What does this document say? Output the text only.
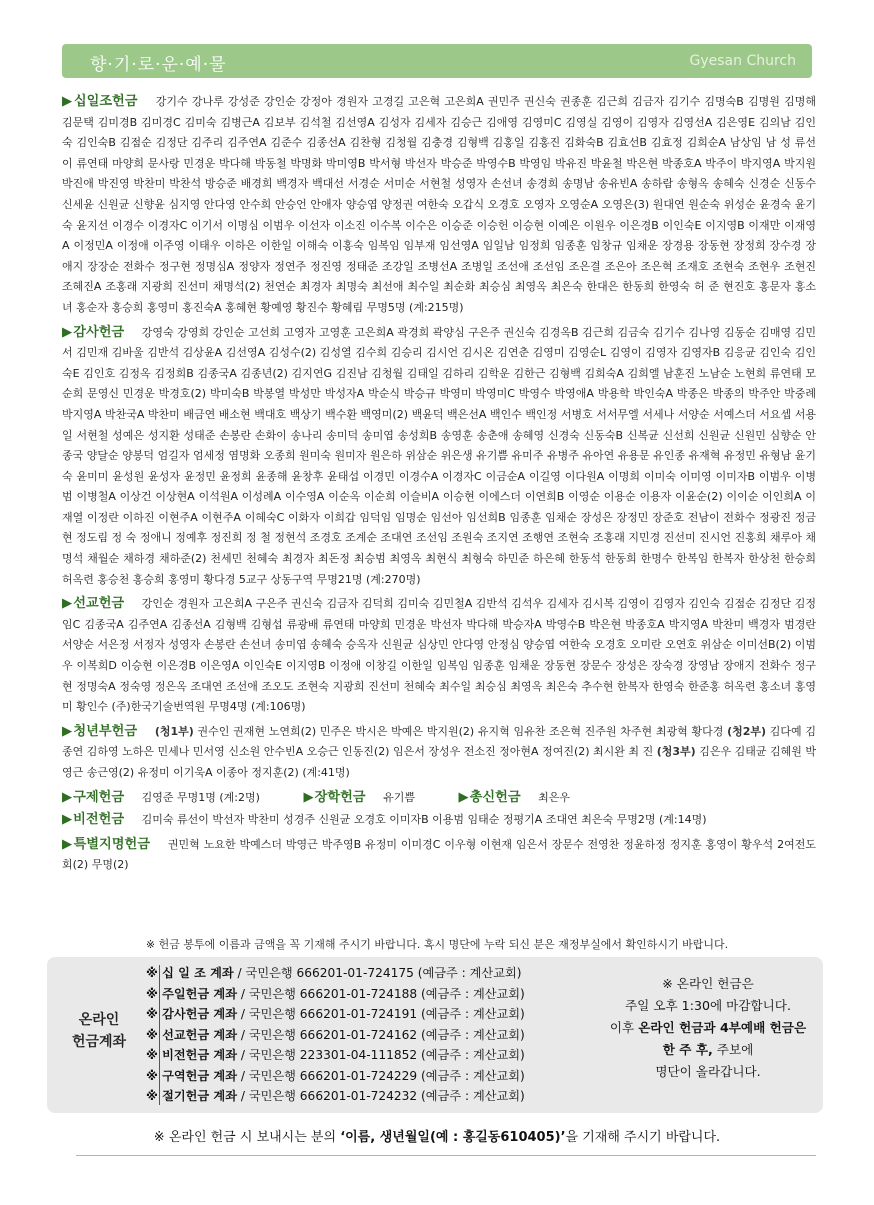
향·기·로·운·예·물	Gyesan Church
▶ 십일조헌금 강기수 강나루 강성준 강인순 강정아 경원자 고경길 고은혁 고은희A 권민주 권신숙 권종훈 김근희 김금자 김기수 김명숙B 김명원 김명해 김문택 김미경B 김미경C 김미숙 김병근A 김보부 김석철 김선영A 김성자 김세자 김승근 김애영 김영미C 김영실 김영이 김영자 김영선A 김은영E 김의남 김인숙 김인숙B 김점순 김정단 김주리 김주연A 김준수 김종선A 김찬형 김청월 김충경 김형백 김홍일 김홍진 김화숙B 김효선B 김효정 김희순A 남상임 남 성 류선이 류연태 마양희 문사랑 민경운 박다해 박동철 박명화 박미영B 박서형 박선자 박승준 박영수B 박영임 박유진 박윤철 박은현 박종호A 박주이 박지영A 박지원 박진애 박진영 박찬미 박찬석 방승준 배경희 백경자 백대선 서경순 서미순 서현철 성영자 손선녀 송경희 송명남 송유빈A 송하람 송형옥 송혜숙 신경순 신동수 신세윤 신원균 신향윤 심지영 안다영 안수희 안승언 안애자 양승엽 양정권 여한숙 오갑식 오경호 오영자 오영순A 오영은(3) 원대연 원순숙 위성순 윤경숙 윤기숙 윤지선 이경수 이경자C 이기서 이명심 이범우 이선자 이소진 이수복 이수은 이승준 이승헌 이승현 이예은 이원우 이은경B 이인숙E 이지영B 이재만 이재영A 이정민A 이정애 이주영 이태우 이하은 이한일 이해숙 이홍숙 임복임 임부재 임선영A 임일남 임정희 임종훈 임창규 임채운 장경용 장동현 장정희 장수경 장애지 장장순 전화수 정구현 정명심A 정양자 정연주 정진영 정태준 조강일 조병선A 조병일 조선애 조선임 조은결 조은아 조은혁 조재호 조현숙 조현우 조현진 조혜진A 조홍래 지광희 진선미 채명석(2) 천연순 최경자 최명숙 최선애 최수일 최순화 최승심 최영옥 최은숙 한대은 한동희 한영숙 허 준 현진호 홍문자 홍소녀 홍순자 홍승희 홍영미 홍진숙A 홍혜현 황예영 황진수 황혜림 무명5명 (계:215명)
▶ 감사헌금 강영숙 강영희 강인순 고선희 고영자 고영훈 고은희A 곽경희 곽양심 구은주 권신숙 김경옥B 김근희 김금숙 김기수 김나영 김동순 김매영 김민서 김민재 김바울 김반석 김상윤A 김선영A 김성수(2) 김성열 김수희 김승리 김시언 김시온 김연춘 김영미 김영순L 김영이 김영자 김영자B 김응균 김인숙 김인숙E 김인호 김정옥 김정희B 김종국A 김종년(2) 김지연G 김진남 김청월 김태일 김하리 김학운 김한근 김형백 김희숙A 김희엘 남훈진 노남순 노현희 류연태 모순희 문영신 민경운 박경호(2) 박미숙B 박봉열 박성만 박성자A 박순식 박승규 박영미 박영미C 박영수 박영애A 박용학 박인숙A 박종은 박종의 박주안 박중례 박지영A 박찬국A 박찬미 배금연 배소현 백대호 백상기 백수환 백영미(2) 백윤덕 백은선A 백인수 백인정 서병호 서서무엘 서세나 서양순 서예스더 서요셉 서용일 서현철 성예은 성지환 성태준 손봉란 손화이 송나리 송미덕 송미엽 송성희B 송영훈 송춘애 송혜영 신경숙 신동숙B 신복균 신선희 신원균 신원민 심향순 안종국 양달순 양봉덕 엄길자 엄세정 염명화 오종희 원미숙 원미자 원은하 위삼순 위은생 유기쁨 유미주 유병주 유아연 유용문 유인종 유재혁 유정민 유형남 윤기숙 윤미미 윤성원 윤성자 윤정민 윤정희 윤종해 윤창후 윤태섭 이경민 이경수A 이경자C 이금순A 이길영 이다원A 이명희 이미숙 이미영 이미자B 이범우 이병범 이병철A 이상건 이상현A 이석원A 이성례A 이수영A 이순옥 이순희 이슬비A 이승현 이에스더 이연희B 이영순 이용순 이용자 이윤순(2) 이이순 이인희A 이재열 이정란 이하진 이현주A 이현주A 이혜숙C 이화자 이희갑 임덕임 임명순 임선아 임선희B 임종훈 임채순 장성은 장정민 장준호 전남이 전화수 정광진 정금현 정도림 정 숙 정애니 정예후 정진희 정 철 정현석 조경호 조계순 조대연 조선임 조원숙 조지연 조행연 조현숙 조홍래 지민경 진선미 진시언 진홍희 채루아 채명석 채월순 채하경 채하준(2) 천세민 천혜숙 최경자 최돈정 최승범 최영옥 최현식 최형숙 하민준 하은혜 한동석 한동희 한명수 한복임 한복자 한상천 한승희 허옥련 홍승천 홍승희 홍영미 황다경 5교구 상동구역 무명21명 (계:270명)
▶ 선교헌금 강인순 경원자 고은희A 구은주 권신숙 김금자 김덕희 김미숙 김민철A 김반석 김석우 김세자 김시복 김영이 김영자 김인숙 김점순 김정단 김정임C 김종국A 김주연A 김종선A 김형백 김형섭 류광배 류연태 마양희 민경운 박선자 박다해 박승자A 박영수B 박은현 박종호A 박지영A 박찬미 백경자 범경란 서양순 서은정 서정자 성영자 손봉란 손선녀 송미엽 송혜숙 승옥자 신원균 심상민 안다영 안정심 양승엽 여한숙 오경호 오미란 오연호 위삼순 이미선B(2) 이범우 이복희D 이승현 이은경B 이은영A 이인숙E 이지영B 이정애 이창길 이한일 임복임 임종훈 임채운 장동현 장문수 장성은 장숙경 장영남 장애지 전화수 정구현 정명숙A 정숙영 정은옥 조대연 조선애 조오도 조현숙 지광희 진선미 천혜숙 최수일 최승심 최영옥 최은숙 추수현 한복자 한영숙 한준홍 허옥련 홍소녀 홍영미 황인수 (주)한국기술번역원 무명4명 (계:106명)
▶ 청년부헌금 (청1부) 권수인 권재현 노연희(2) 민주은 박시은 박예은 박지원(2) 유지혁 임유찬 조은혁 진주원 차주현 최광혁 황다경 (청2부) 김다예 김종연 김하영 노하은 민세나 민서영 신소원 안수빈A 오승근 인동진(2) 임은서 장성우 전소진 정아현A 정여진(2) 최시완 최 진 (청3부) 김은우 김태균 김혜원 박영근 송근영(2) 유정미 이기욱A 이종아 정지훈(2) (계:41명)
▶ 구제헌금 김영준 무명1명 (계:2명)	▶ 장학헌금 유기쁨	▶ 총신헌금 최은우
▶ 비전헌금 김미숙 류선이 박선자 박찬미 성경주 신원균 오경호 이미자B 이용범 임태순 정평기A 조대연 최은숙 무명2명 (계:14명)
▶ 특별지명헌금 권민혁 노요한 박예스더 박영근 박주영B 유정미 이미경C 이우형 이현재 임은서 장문수 전영찬 정윤하정 정지훈 홍영이 황우석 2여전도회(2) 무명(2)
※ 헌금 봉투에 이름과 금액을 꼭 기재해 주시기 바랍니다. 혹시 명단에 누락 되신 분은 재정부실에서 확인하시기 바랍니다.
온라인
헌금계좌
※ 십 일 조 계좌 / 국민은행 666201-01-724175 (예금주 : 계산교회)
※ 주일헌금 계좌 / 국민은행 666201-01-724188 (예금주 : 계산교회)
※ 감사헌금 계좌 / 국민은행 666201-01-724191 (예금주 : 계산교회)
※ 선교헌금 계좌 / 국민은행 666201-01-724162 (예금주 : 계산교회)
※ 비전헌금 계좌 / 국민은행 223301-04-111852 (예금주 : 계산교회)
※ 구역헌금 계좌 / 국민은행 666201-01-724229 (예금주 : 계산교회)
※ 절기헌금 계좌 / 국민은행 666201-01-724232 (예금주 : 계산교회)
※ 온라인 헌금은
주일 오후 1:30에 마감합니다.
이후 온라인 헌금과 4부예배 헌금은
한 주 후, 주보에
명단이 올라갑니다.
※ 온라인 헌금 시 보내시는 분의 ‘이름, 생년월일(예 : 홍길동610405)’을 기재해 주시기 바랍니다.
